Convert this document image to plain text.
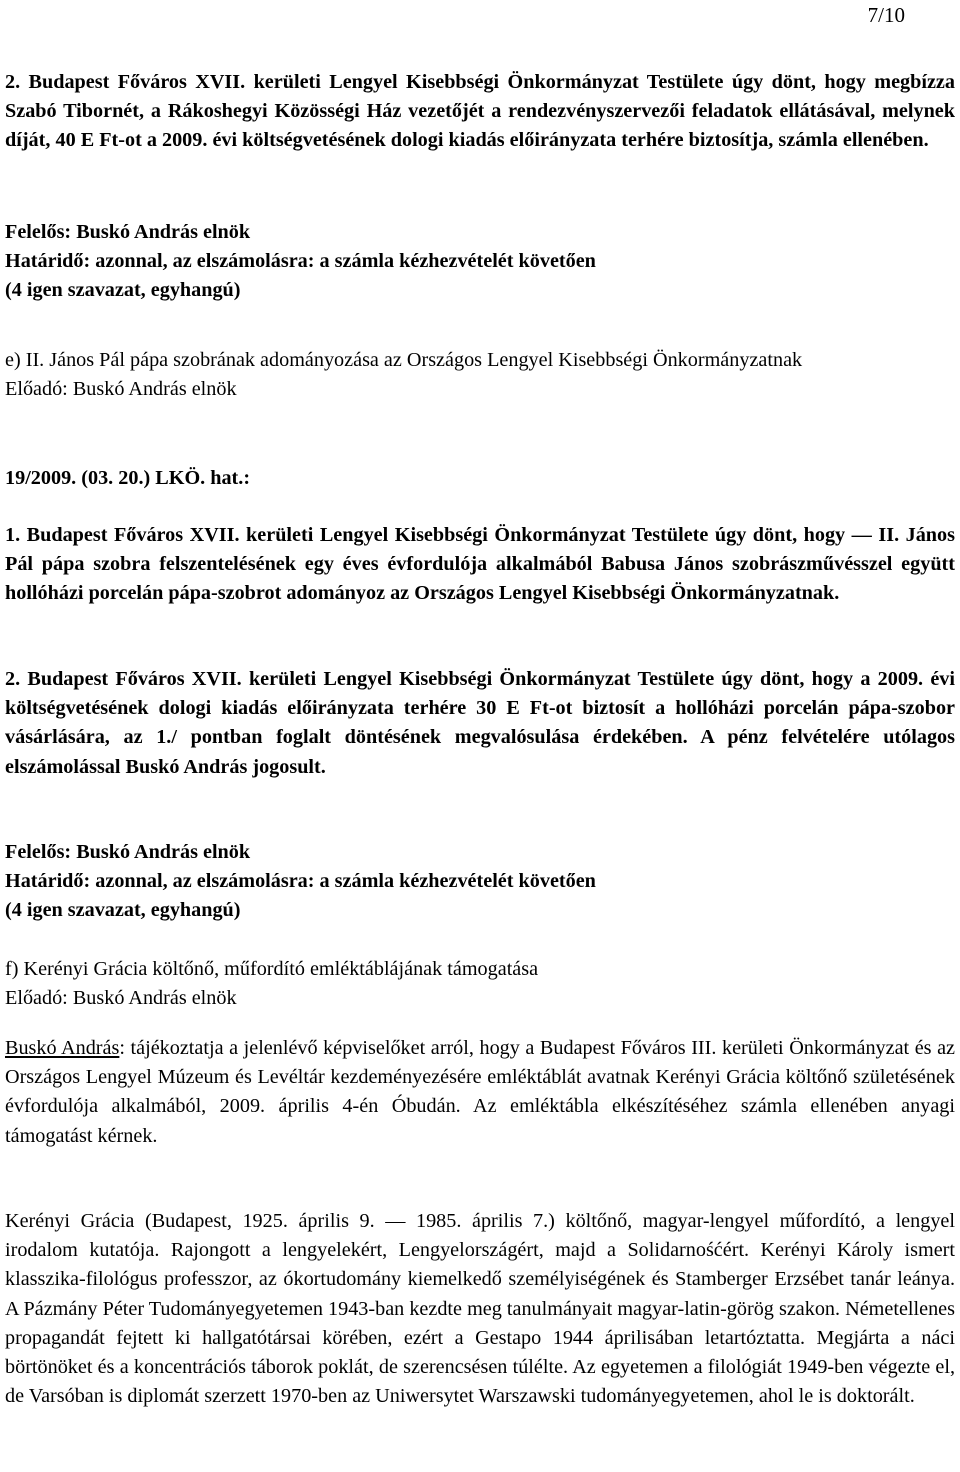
7/10

2. Budapest Főváros XVII. kerületi Lengyel Kisebbségi Önkormányzat Testülete úgy dönt, hogy megbízza Szabó Tibornét, a Rákoshegyi Közösségi Ház vezetőjét a rendezvényszervezői feladatok ellátásával, melynek díját, 40 E Ft-ot a 2009. évi költségvetésének dologi kiadás előirányzata terhére biztosítja, számla ellenében.

Felelős: Buskó András elnök

Határidő: azonnal, az elszámolásra: a számla kézhezvételét követően

(4 igen szavazat, egyhangú)

e) II. János Pál pápa szobrának adományozása az Országos Lengyel Kisebbségi Önkormányzatnak

Előadó: Buskó András elnök

19/2009. (03. 20.) LKÖ. hat.:

1. Budapest Főváros XVII. kerületi Lengyel Kisebbségi Önkormányzat Testülete úgy dönt, hogy — II. János Pál pápa szobra felszentelésének egy éves évfordulója alkalmából Babusa János szobrászművésszel együtt hollóházi porcelán pápa-szobrot adományoz az Országos Lengyel Kisebbségi Önkormányzatnak.

2. Budapest Főváros XVII. kerületi Lengyel Kisebbségi Önkormányzat Testülete úgy dönt, hogy a 2009. évi költségvetésének dologi kiadás előirányzata terhére 30 E Ft-ot biztosít a hollóházi porcelán pápa-szobor vásárlására, az 1./ pontban foglalt döntésének megvalósulása érdekében. A pénz felvételére utólagos elszámolással Buskó András jogosult.

Felelős: Buskó András elnök

Határidő: azonnal, az elszámolásra: a számla kézhezvételét követően

(4 igen szavazat, egyhangú)

f) Kerényi Grácia költőnő, műfordító emléktáblájának támogatása

Előadó: Buskó András elnök

Buskó András: tájékoztatja a jelenlévő képviselőket arról, hogy a Budapest Főváros III. kerületi Önkormányzat és az Országos Lengyel Múzeum és Levéltár kezdeményezésére emléktáblát avatnak Kerényi Grácia költőnő születésének évfordulója alkalmából, 2009. április 4-én Óbudán. Az emléktábla elkészítéséhez számla ellenében anyagi támogatást kérnek.

Kerényi Grácia (Budapest, 1925. április 9. — 1985. április 7.) költőnő, magyar-lengyel műfordító, a lengyel irodalom kutatója. Rajongott a lengyelekért, Lengyelországért, majd a Solidarnośćért. Kerényi Károly ismert klasszika-filológus professzor, az ókortudomány kiemelkedő személyiségének és Stamberger Erzsébet tanár leánya. A Pázmány Péter Tudományegyetemen 1943-ban kezdte meg tanulmányait magyar-latin-görög szakon. Németellenes propagandát fejtett ki hallgatótársai körében, ezért a Gestapo 1944 áprilisában letartóztatta. Megjárta a náci börtönöket és a koncentrációs táborok poklát, de szerencsésen túlélte. Az egyetemen a filológiát 1949-ben végezte el, de Varsóban is diplomát szerzett 1970-ben az Uniwersytet Warszawski tudományegyetemen, ahol le is doktorált.
